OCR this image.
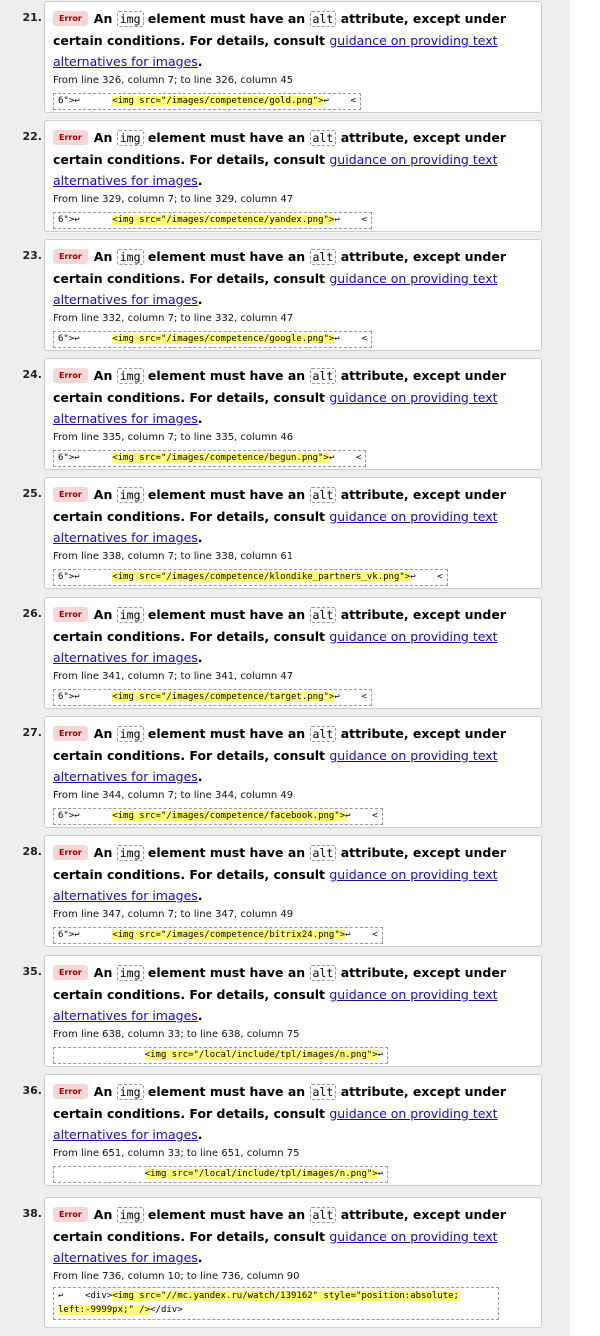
21.	Error An img element must have an alt attribute, except under certain conditions. For details, consult guidance on providing text alternatives for images.
From line 326, column 7; to line 326, column 45
6">↩      <img src="/images/competence/gold.png">↩    <
22.	Error An img element must have an alt attribute, except under certain conditions. For details, consult guidance on providing text alternatives for images.
From line 329, column 7; to line 329, column 47
6">↩      <img src="/images/competence/yandex.png">↩    <
23.	Error An img element must have an alt attribute, except under certain conditions. For details, consult guidance on providing text alternatives for images.
From line 332, column 7; to line 332, column 47
6">↩      <img src="/images/competence/google.png">↩    <
24.	Error An img element must have an alt attribute, except under certain conditions. For details, consult guidance on providing text alternatives for images.
From line 335, column 7; to line 335, column 46
6">↩      <img src="/images/competence/begun.png">↩    <
25.	Error An img element must have an alt attribute, except under certain conditions. For details, consult guidance on providing text alternatives for images.
From line 338, column 7; to line 338, column 61
6">↩      <img src="/images/competence/klondike_partners_vk.png">↩    <
26.	Error An img element must have an alt attribute, except under certain conditions. For details, consult guidance on providing text alternatives for images.
From line 341, column 7; to line 341, column 47
6">↩      <img src="/images/competence/target.png">↩    <
27.	Error An img element must have an alt attribute, except under certain conditions. For details, consult guidance on providing text alternatives for images.
From line 344, column 7; to line 344, column 49
6">↩      <img src="/images/competence/facebook.png">↩    <
28.	Error An img element must have an alt attribute, except under certain conditions. For details, consult guidance on providing text alternatives for images.
From line 347, column 7; to line 347, column 49
6">↩      <img src="/images/competence/bitrix24.png">↩    <
35.	Error An img element must have an alt attribute, except under certain conditions. For details, consult guidance on providing text alternatives for images.
From line 638, column 33; to line 638, column 75
<img src="/local/include/tpl/images/n.png">↩
36.	Error An img element must have an alt attribute, except under certain conditions. For details, consult guidance on providing text alternatives for images.
From line 651, column 33; to line 651, column 75
<img src="/local/include/tpl/images/n.png">↩
38.	Error An img element must have an alt attribute, except under certain conditions. For details, consult guidance on providing text alternatives for images.
From line 736, column 10; to line 736, column 90
↩    <div><img src="//mc.yandex.ru/watch/139162" style="position:absolute;
left:-9999px;" /></div>
